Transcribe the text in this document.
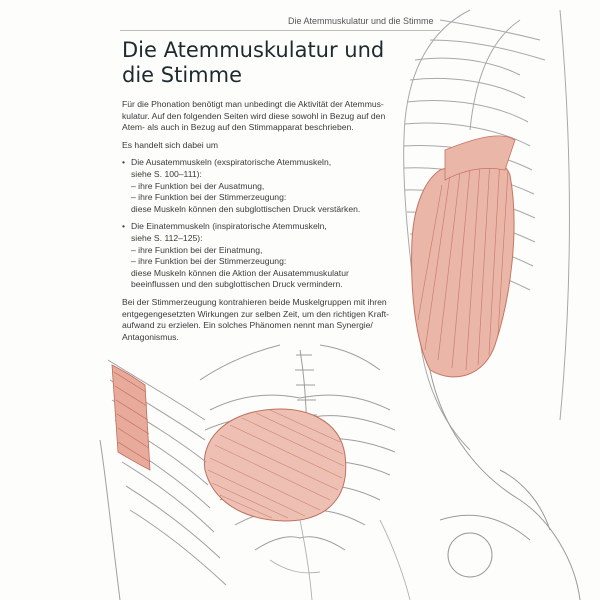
Die Atemmuskulatur und die Stimme
Die Atemmuskulatur und
die Stimme

Für die Phonation benötigt man unbedingt die Aktivität der Atemmus-
kulatur. Auf den folgenden Seiten wird diese sowohl in Bezug auf den
Atem- als auch in Bezug auf den Stimmapparat beschrieben.

Es handelt sich dabei um

• Die Ausatemmuskeln (exspiratorische Atemmuskeln,
siehe S. 100–111):
– ihre Funktion bei der Ausatmung,
– ihre Funktion bei der Stimmerzeugung:
diese Muskeln können den subglottischen Druck verstärken.
• Die Einatemmuskeln (inspiratorische Atemmuskeln,
siehe S. 112–125):
– ihre Funktion bei der Einatmung,
– ihre Funktion bei der Stimmerzeugung:
diese Muskeln können die Aktion der Ausatemmuskulatur
beeinflussen und den subglottischen Druck vermindern.

Bei der Stimmerzeugung kontrahieren beide Muskelgruppen mit ihren
entgegengesetzten Wirkungen zur selben Zeit, um den richtigen Kraft-
aufwand zu erzielen. Ein solches Phänomen nennt man Synergie/
Antagonismus.
